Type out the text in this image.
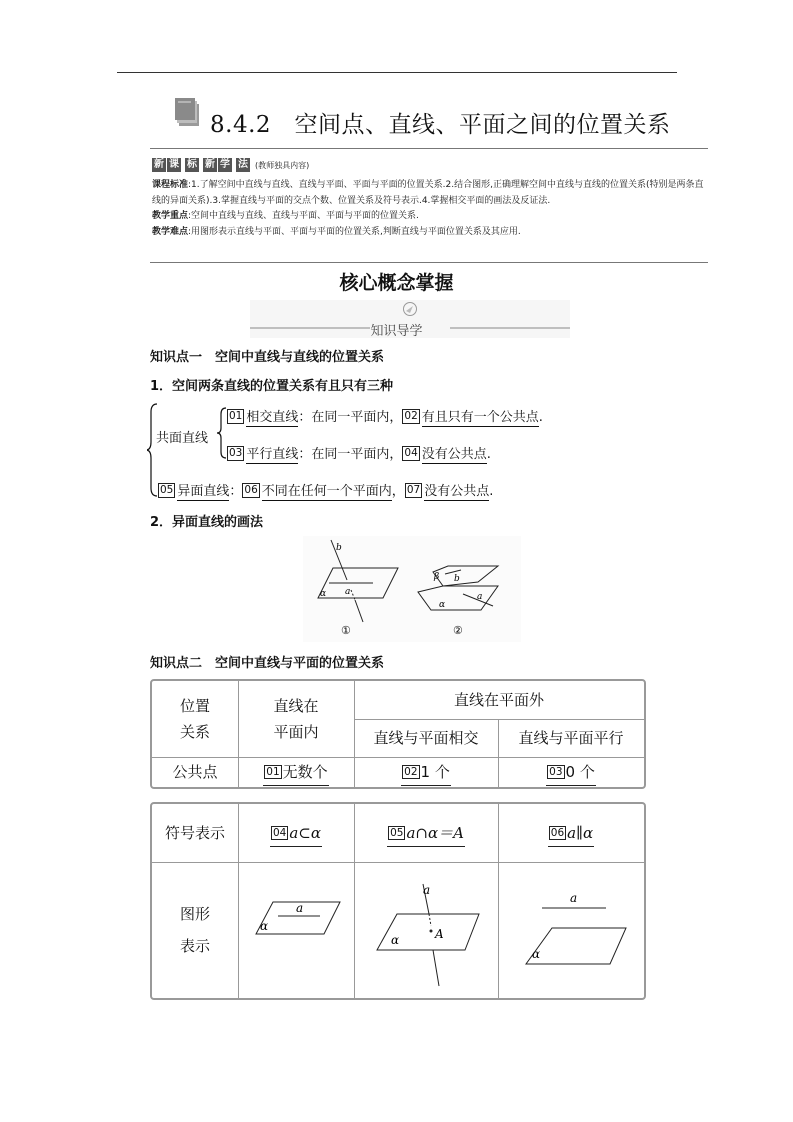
8.4.2　空间点、直线、平面之间的位置关系
新 课 标 新 学 法 (教师独具内容)
课程标准:1.了解空间中直线与直线、直线与平面、平面与平面的位置关系.2.结合图形,正确理解空间中直线与直线的位置关系(特别是两条直线的异面关系).3.掌握直线与平面的交点个数、位置关系及符号表示.4.掌握相交平面的画法及反证法.
教学重点:空间中直线与直线、直线与平面、平面与平面的位置关系.
教学难点:用图形表示直线与平面、平面与平面的位置关系,判断直线与平面位置关系及其应用.
核心概念掌握
知识导学
知识点一　空间中直线与直线的位置关系
1．空间两条直线的位置关系有且只有三种
共面直线
01 相交直线：在同一平面内， 02 有且只有一个公共点.
03 平行直线：在同一平面内， 04 没有公共点.
05 异面直线： 06 不同在任何一个平面内， 07 没有公共点.
2．异面直线的画法
b
a
α
β b
a
α
①	②
知识点二　空间中直线与平面的位置关系
位置
关系
直线在
平面内
直线在平面外
直线与平面相交	直线与平面平行
公共点	01 无数个	02 1 个	03 0 个
符号表示	04 a⊂α	05 a∩α＝A	06 a∥α
图形
表示
a
α
a
A
α
a
α
